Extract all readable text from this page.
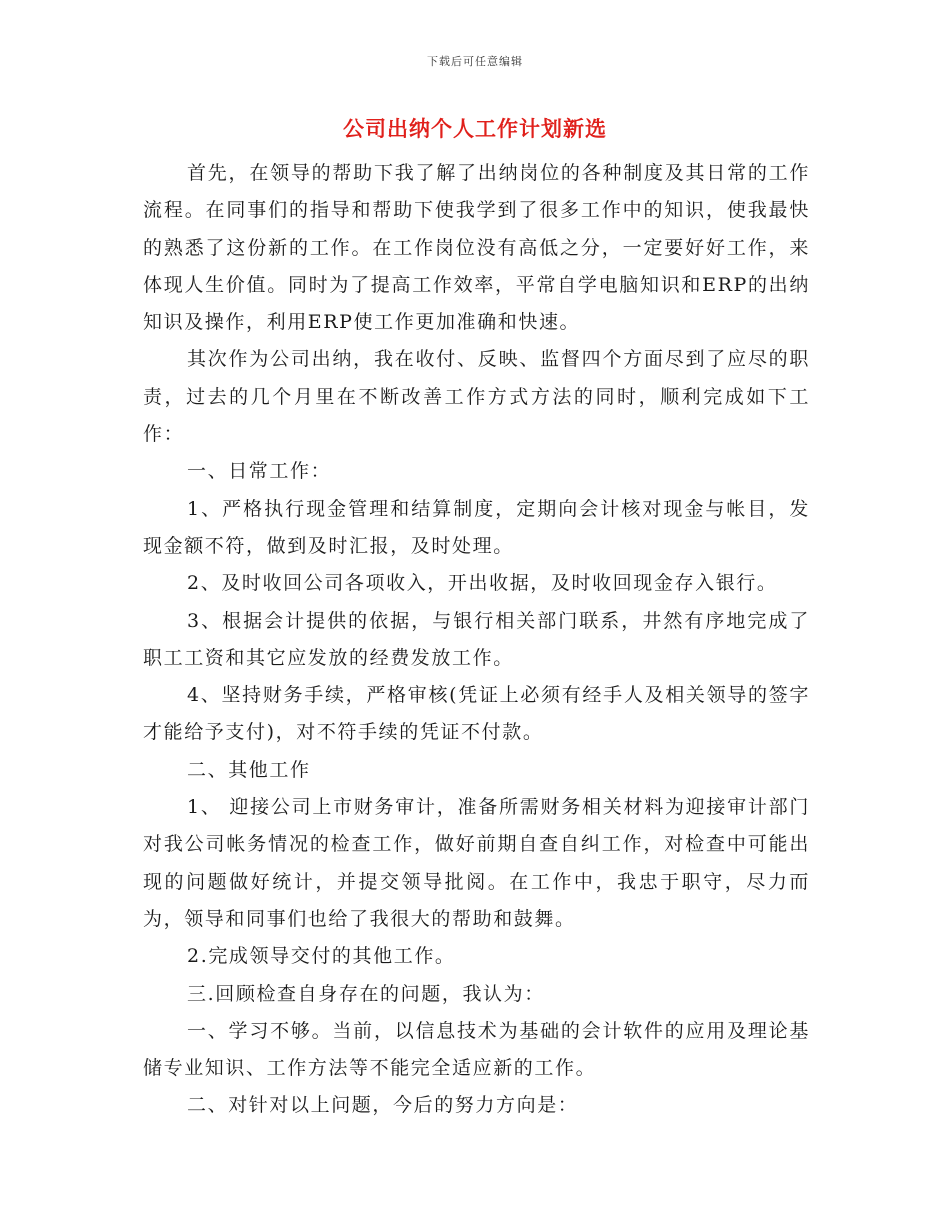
下载后可任意编辑
公司出纳个人工作计划新选

首先，在领导的帮助下我了解了出纳岗位的各种制度及其日常的工作流程。在同事们的指导和帮助下使我学到了很多工作中的知识，使我最快的熟悉了这份新的工作。在工作岗位没有高低之分，一定要好好工作，来体现人生价值。同时为了提高工作效率，平常自学电脑知识和ERP的出纳知识及操作，利用ERP使工作更加准确和快速。

其次作为公司出纳，我在收付、反映、监督四个方面尽到了应尽的职责，过去的几个月里在不断改善工作方式方法的同时，顺利完成如下工作：

一、日常工作：

1、严格执行现金管理和结算制度，定期向会计核对现金与帐目，发现金额不符，做到及时汇报，及时处理。

2、及时收回公司各项收入，开出收据，及时收回现金存入银行。

3、根据会计提供的依据，与银行相关部门联系，井然有序地完成了职工工资和其它应发放的经费发放工作。

4、坚持财务手续，严格审核(凭证上必须有经手人及相关领导的签字才能给予支付)，对不符手续的凭证不付款。

二、其他工作

1、 迎接公司上市财务审计，准备所需财务相关材料为迎接审计部门对我公司帐务情况的检查工作，做好前期自查自纠工作，对检查中可能出现的问题做好统计，并提交领导批阅。在工作中，我忠于职守，尽力而为，领导和同事们也给了我很大的帮助和鼓舞。

2.完成领导交付的其他工作。

三.回顾检查自身存在的问题，我认为：

一、学习不够。当前，以信息技术为基础的会计软件的应用及理论基储专业知识、工作方法等不能完全适应新的工作。

二、对针对以上问题，今后的努力方向是：
